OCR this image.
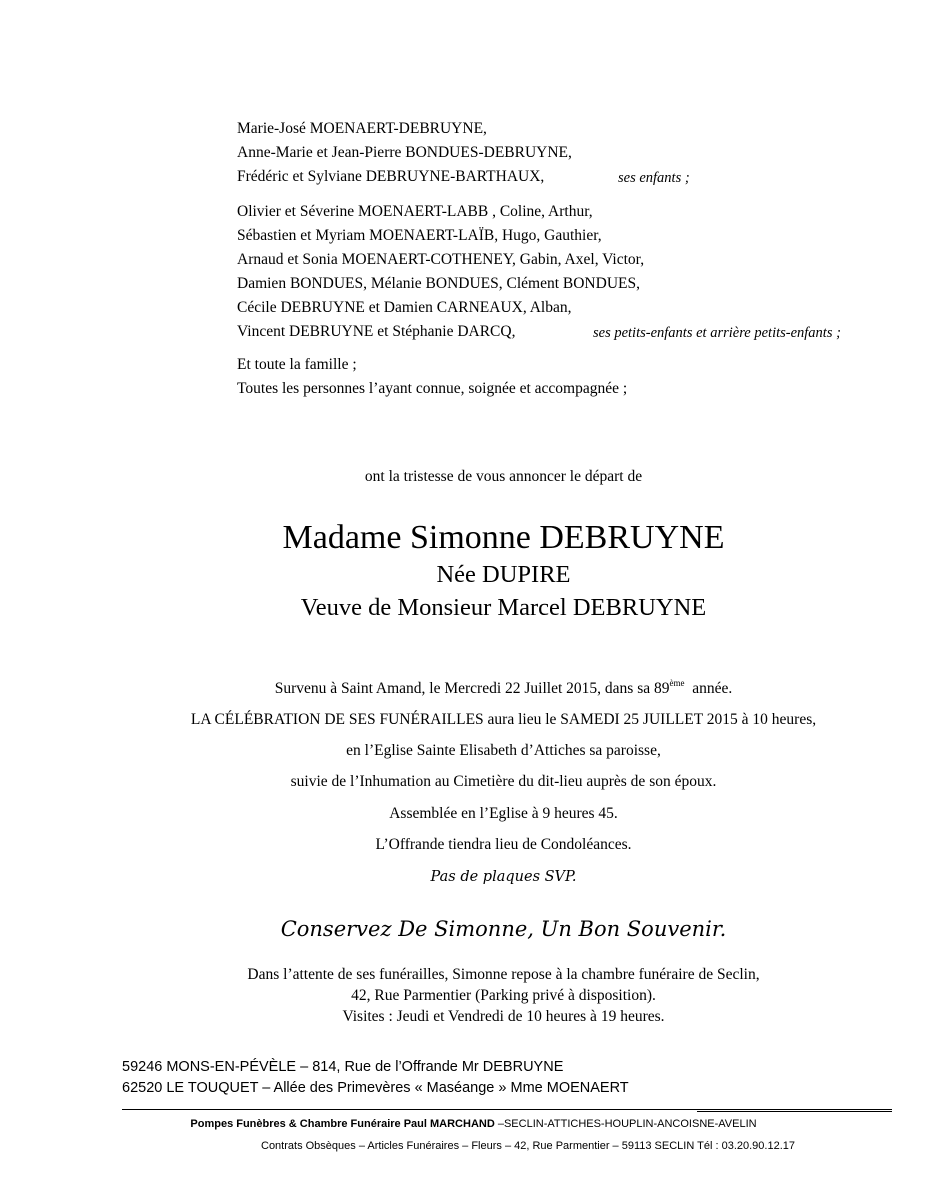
Marie-José MOENAERT-DEBRUYNE,
Anne-Marie et Jean-Pierre BONDUES-DEBRUYNE,
Frédéric et Sylviane DEBRUYNE-BARTHAUX,	ses enfants ;
Olivier et Séverine MOENAERT-LABB , Coline, Arthur,
Sébastien et Myriam MOENAERT-LAÏB, Hugo, Gauthier,
Arnaud et Sonia MOENAERT-COTHENEY, Gabin, Axel, Victor,
Damien BONDUES, Mélanie BONDUES, Clément BONDUES,
Cécile DEBRUYNE et Damien CARNEAUX, Alban,
Vincent DEBRUYNE et Stéphanie DARCQ,	ses petits-enfants et arrière petits-enfants ;
Et toute la famille ;
Toutes les personnes l’ayant connue, soignée et accompagnée ;
ont la tristesse de vous annoncer le départ de
Madame Simonne DEBRUYNE
Née DUPIRE
Veuve de Monsieur Marcel DEBRUYNE
Survenu à Saint Amand, le Mercredi 22 Juillet 2015, dans sa 89ème année.
LA CÉLÉBRATION DE SES FUNÉRAILLES aura lieu le SAMEDI 25 JUILLET 2015 à 10 heures,
en l’Eglise Sainte Elisabeth d’Attiches sa paroisse,
suivie de l’Inhumation au Cimetière du dit-lieu auprès de son époux.
Assemblée en l’Eglise à 9 heures 45.
L’Offrande tiendra lieu de Condoléances.
Pas de plaques SVP.
Conservez De Simonne, Un Bon Souvenir.
Dans l’attente de ses funérailles, Simonne repose à la chambre funéraire de Seclin,
42, Rue Parmentier (Parking privé à disposition).
Visites : Jeudi et Vendredi de 10 heures à 19 heures.
59246 MONS-EN-PÉVÈLE – 814, Rue de l’Offrande Mr DEBRUYNE
62520 LE TOUQUET – Allée des Primevères « Maséange » Mme MOENAERT
Pompes Funèbres & Chambre Funéraire Paul MARCHAND –SECLIN-ATTICHES-HOUPLIN-ANCOISNE-AVELIN
Contrats Obsèques – Articles Funéraires – Fleurs – 42, Rue Parmentier – 59113 SECLIN Tél : 03.20.90.12.17
